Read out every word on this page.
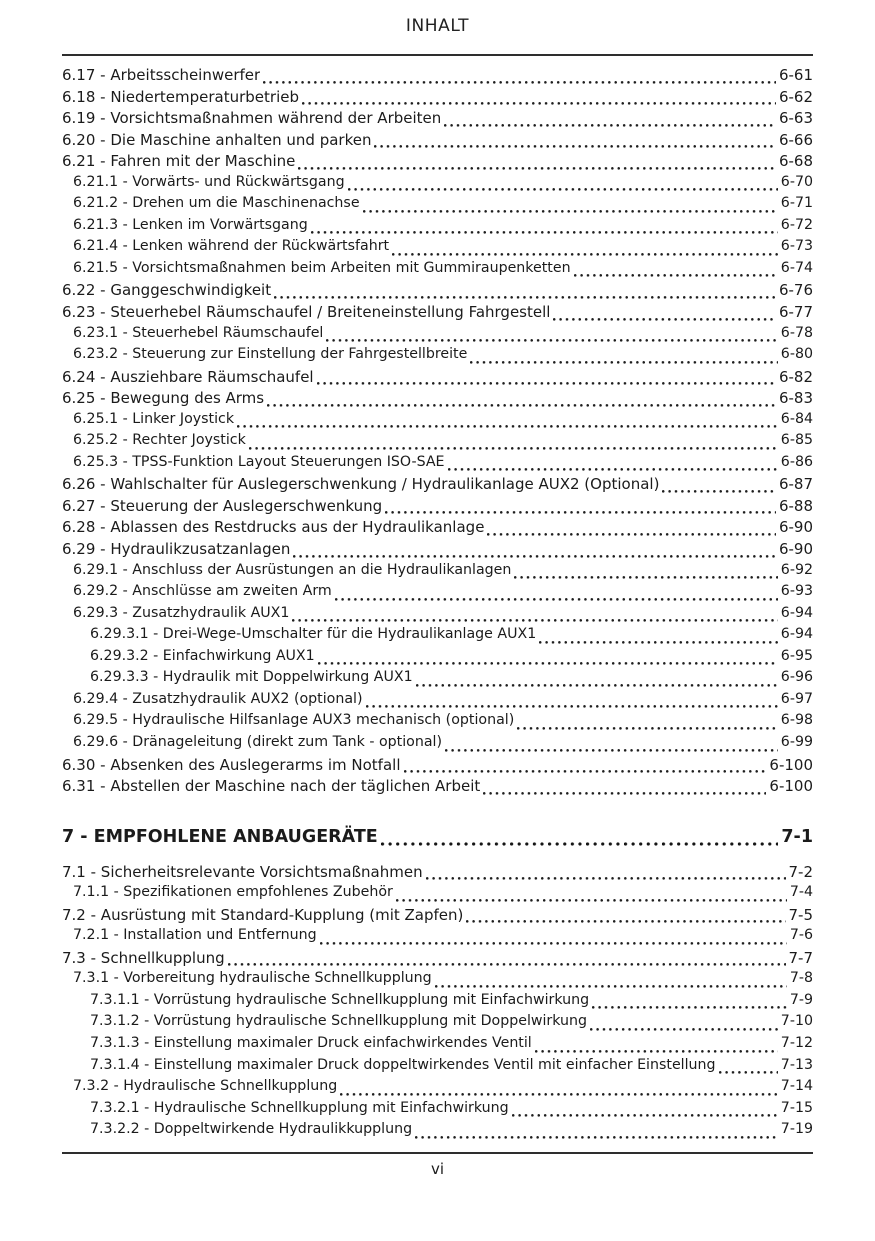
INHALT
6.17 - Arbeitsscheinwerfer	6-61
6.18 - Niedertemperaturbetrieb	6-62
6.19 - Vorsichtsmaßnahmen während der Arbeiten	6-63
6.20 - Die Maschine anhalten und parken	6-66
6.21 - Fahren mit der Maschine	6-68
6.21.1 - Vorwärts- und Rückwärtsgang	6-70
6.21.2 - Drehen um die Maschinenachse	6-71
6.21.3 - Lenken im Vorwärtsgang	6-72
6.21.4 - Lenken während der Rückwärtsfahrt	6-73
6.21.5 - Vorsichtsmaßnahmen beim Arbeiten mit Gummiraupenketten	6-74
6.22 - Ganggeschwindigkeit	6-76
6.23 - Steuerhebel Räumschaufel / Breiteneinstellung Fahrgestell	6-77
6.23.1 - Steuerhebel Räumschaufel	6-78
6.23.2 - Steuerung zur Einstellung der Fahrgestellbreite	6-80
6.24 - Ausziehbare Räumschaufel	6-82
6.25 - Bewegung des Arms	6-83
6.25.1 - Linker Joystick	6-84
6.25.2 - Rechter Joystick	6-85
6.25.3 - TPSS-Funktion Layout Steuerungen ISO-SAE	6-86
6.26 - Wahlschalter für Auslegerschwenkung / Hydraulikanlage AUX2 (Optional)	6-87
6.27 - Steuerung der Auslegerschwenkung	6-88
6.28 - Ablassen des Restdrucks aus der Hydraulikanlage	6-90
6.29 - Hydraulikzusatzanlagen	6-90
6.29.1 - Anschluss der Ausrüstungen an die Hydraulikanlagen	6-92
6.29.2 - Anschlüsse am zweiten Arm	6-93
6.29.3 - Zusatzhydraulik AUX1	6-94
6.29.3.1 - Drei-Wege-Umschalter für die Hydraulikanlage AUX1	6-94
6.29.3.2 - Einfachwirkung AUX1	6-95
6.29.3.3 - Hydraulik mit Doppelwirkung AUX1	6-96
6.29.4 - Zusatzhydraulik AUX2 (optional)	6-97
6.29.5 - Hydraulische Hilfsanlage AUX3 mechanisch (optional)	6-98
6.29.6 - Dränageleitung (direkt zum Tank - optional)	6-99
6.30 - Absenken des Auslegerarms im Notfall	6-100
6.31 - Abstellen der Maschine nach der täglichen Arbeit	6-100
7 - EMPFOHLENE ANBAUGERÄTE	7-1
7.1 - Sicherheitsrelevante Vorsichtsmaßnahmen	7-2
7.1.1 - Spezifikationen empfohlenes Zubehör	7-4
7.2 - Ausrüstung mit Standard-Kupplung (mit Zapfen)	7-5
7.2.1 - Installation und Entfernung	7-6
7.3 - Schnellkupplung	7-7
7.3.1 - Vorbereitung hydraulische Schnellkupplung	7-8
7.3.1.1 - Vorrüstung hydraulische Schnellkupplung mit Einfachwirkung	7-9
7.3.1.2 - Vorrüstung hydraulische Schnellkupplung mit Doppelwirkung	7-10
7.3.1.3 - Einstellung maximaler Druck einfachwirkendes Ventil	7-12
7.3.1.4 - Einstellung maximaler Druck doppeltwirkendes Ventil mit einfacher Einstellung	7-13
7.3.2 - Hydraulische Schnellkupplung	7-14
7.3.2.1 - Hydraulische Schnellkupplung mit Einfachwirkung	7-15
7.3.2.2 - Doppeltwirkende Hydraulikkupplung	7-19
vi
